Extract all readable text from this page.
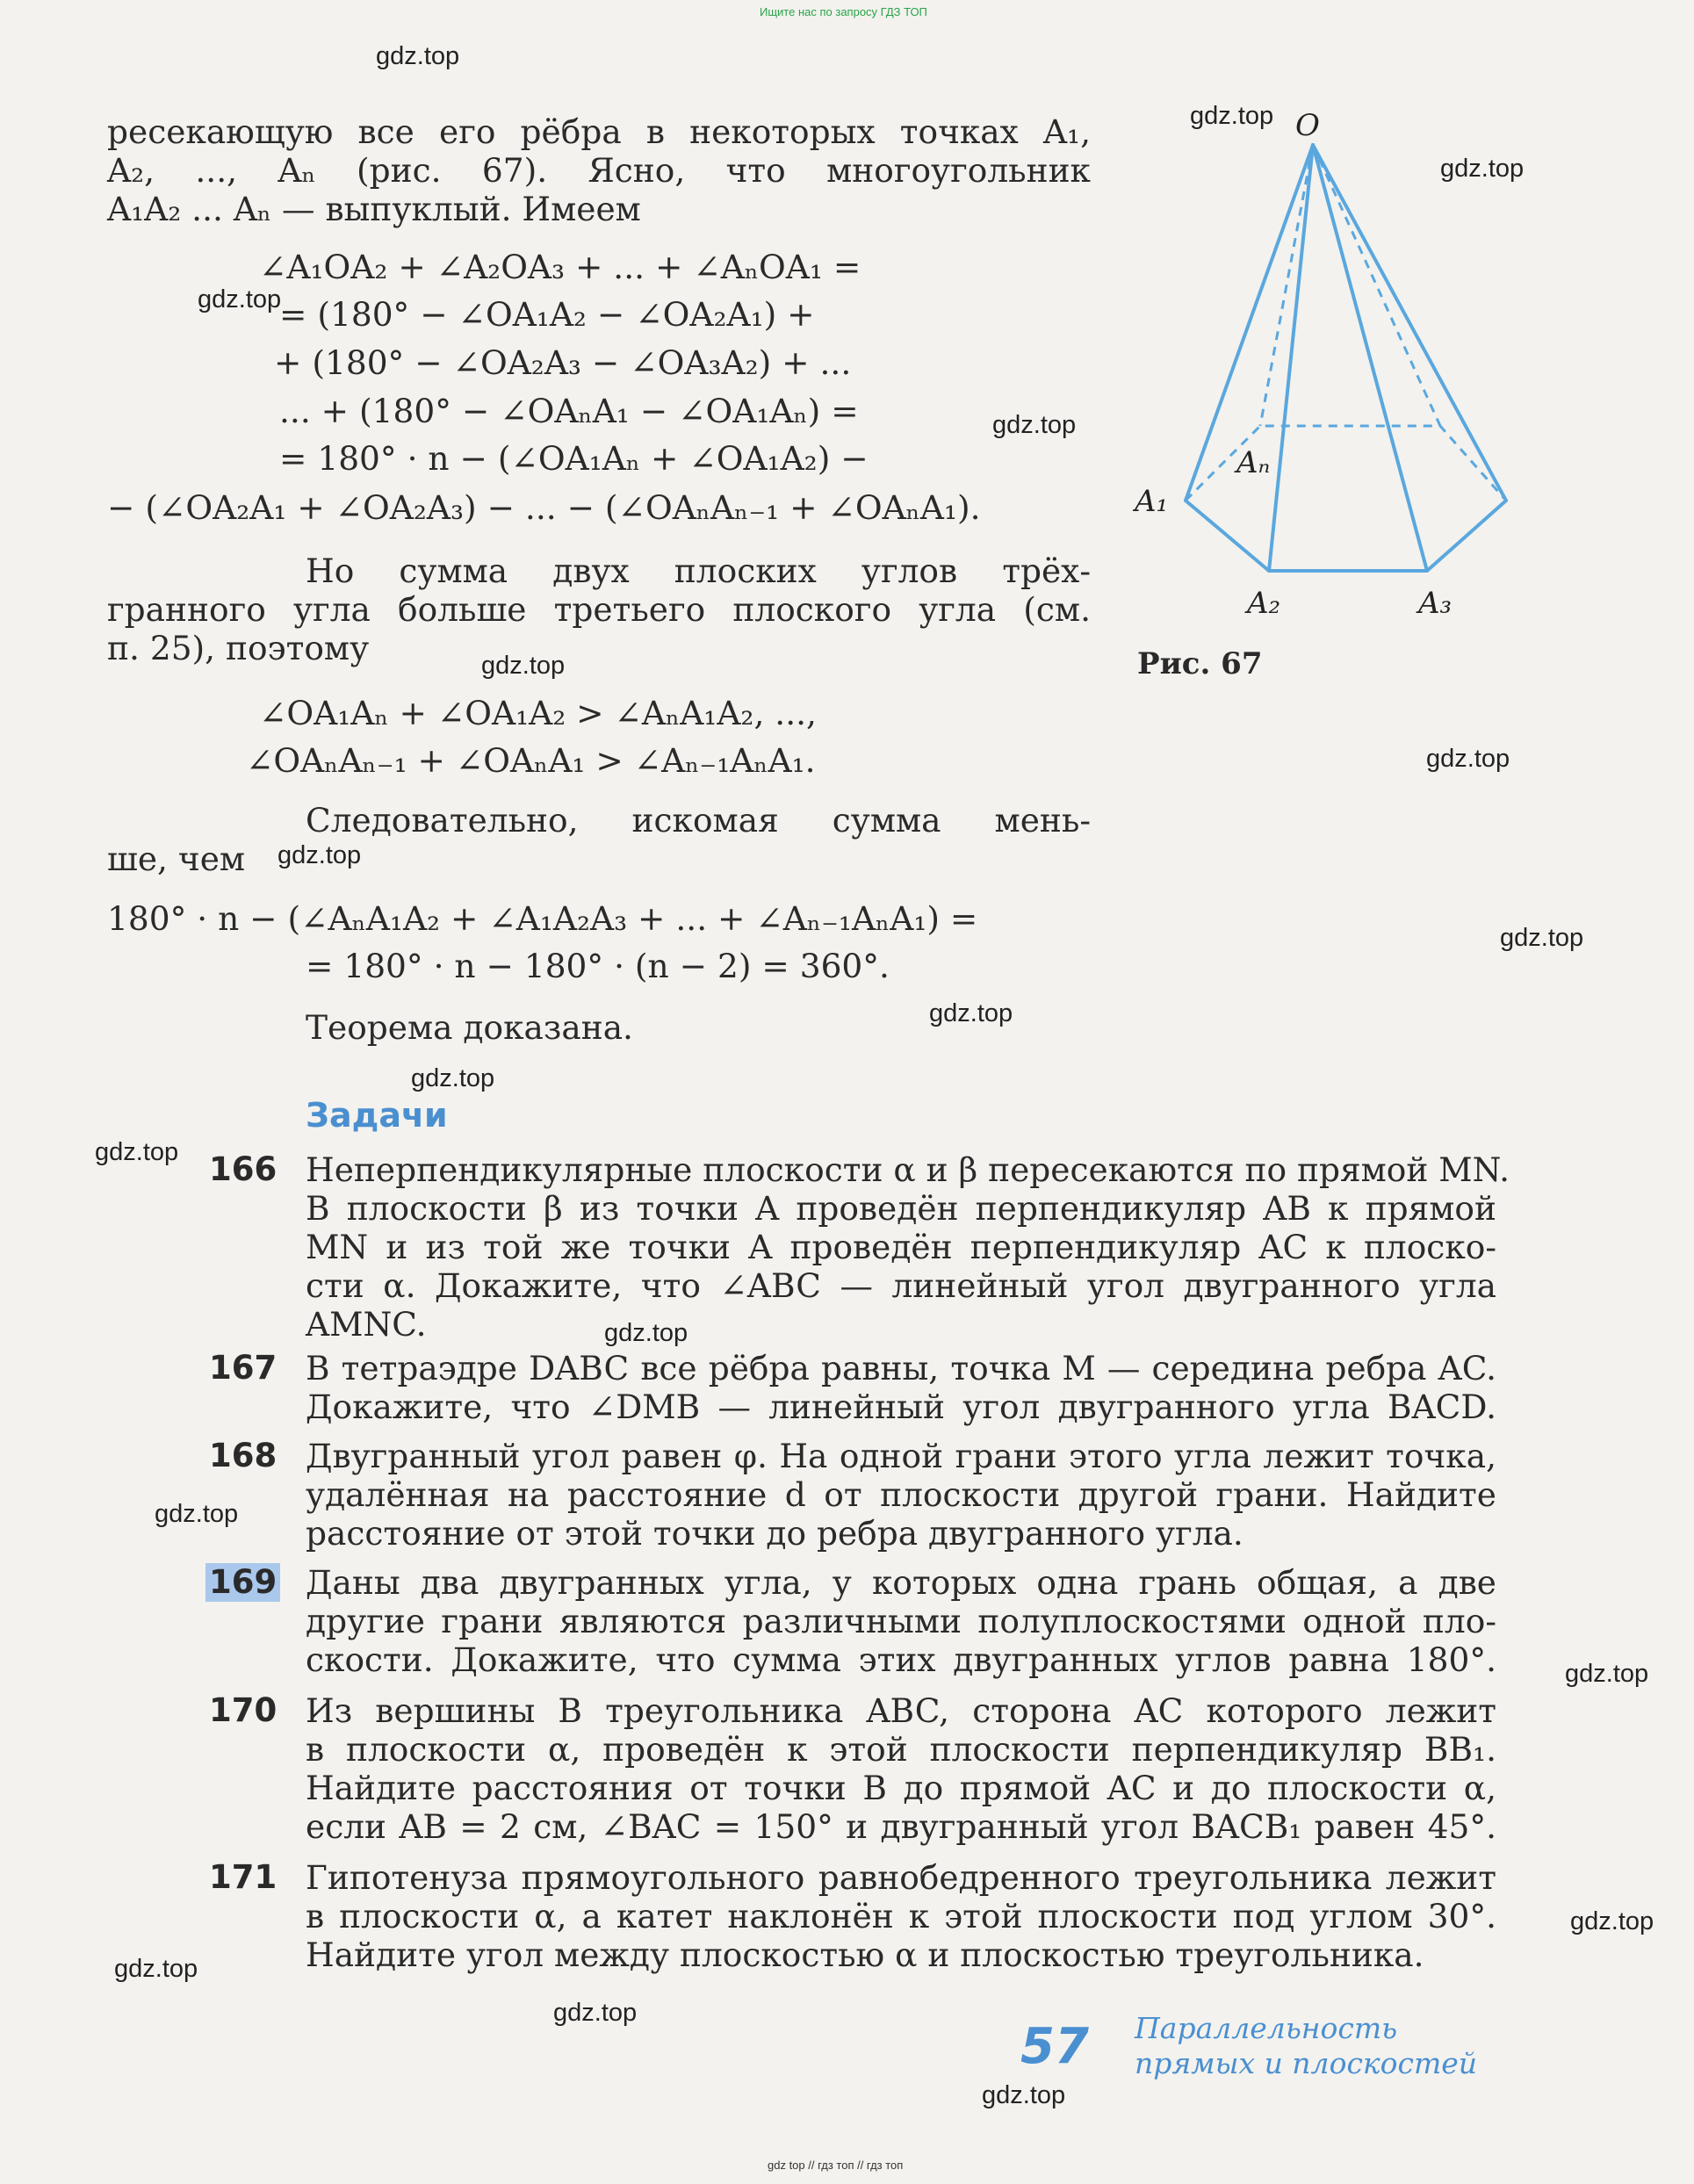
Ищите нас по запросу ГДЗ ТОП
gdz top // гдз топ // гдз топ
ресекающую все его рёбра в некоторых точках A₁,
A₂, ..., Aₙ (рис. 67). Ясно, что многоугольник
A₁A₂ ... Aₙ — выпуклый. Имеем
∠A₁OA₂ + ∠A₂OA₃ + ... + ∠AₙOA₁ =
= (180° − ∠OA₁A₂ − ∠OA₂A₁) +
+ (180° − ∠OA₂A₃ − ∠OA₃A₂) + ...
... + (180° − ∠OAₙA₁ − ∠OA₁Aₙ) =
= 180° · n − (∠OA₁Aₙ + ∠OA₁A₂) −
− (∠OA₂A₁ + ∠OA₂A₃) − ... − (∠OAₙAₙ₋₁ + ∠OAₙA₁).
Но сумма двух плоских углов трёх-
гранного угла больше третьего плоского угла (см.
п. 25), поэтому
∠OA₁Aₙ + ∠OA₁A₂ > ∠AₙA₁A₂, ...,
∠OAₙAₙ₋₁ + ∠OAₙA₁ > ∠Aₙ₋₁AₙA₁.
Следовательно, искомая сумма мень-
ше, чем
180° · n − (∠AₙA₁A₂ + ∠A₁A₂A₃ + ... + ∠Aₙ₋₁AₙA₁) =
= 180° · n − 180° · (n − 2) = 360°.
Теорема доказана.
O
A₁
A₂	A₃
Aₙ
Рис. 67
Задачи
166 Неперпендикулярные плоскости α и β пересекаются по прямой MN.
В плоскости β из точки A проведён перпендикуляр AB к прямой
MN и из той же точки A проведён перпендикуляр AC к плоско-
сти α. Докажите, что ∠ABC — линейный угол двугранного угла
AMNC.
167 В тетраэдре DABC все рёбра равны, точка M — середина ребра AC.
Докажите, что ∠DMB — линейный угол двугранного угла BACD.
168 Двугранный угол равен φ. На одной грани этого угла лежит точка,
удалённая на расстояние d от плоскости другой грани. Найдите
расстояние от этой точки до ребра двугранного угла.
169 Даны два двугранных угла, у которых одна грань общая, а две
другие грани являются различными полуплоскостями одной пло-
скости. Докажите, что сумма этих двугранных углов равна 180°.
170 Из вершины B треугольника ABC, сторона AC которого лежит
в плоскости α, проведён к этой плоскости перпендикуляр BB₁.
Найдите расстояния от точки B до прямой AC и до плоскости α,
если AB = 2 см, ∠BAC = 150° и двугранный угол BACB₁ равен 45°.
171 Гипотенуза прямоугольного равнобедренного треугольника лежит
в плоскости α, а катет наклонён к этой плоскости под углом 30°.
Найдите угол между плоскостью α и плоскостью треугольника.
57 Параллельность
прямых и плоскостей
gdz.top
gdz.top
gdz.top
gdz.top
gdz.top
gdz.top
gdz.top
gdz.top
gdz.top
gdz.top
gdz.top
gdz.top
gdz.top
gdz.top
gdz.top
gdz.top
gdz.top
gdz.top
gdz.top
